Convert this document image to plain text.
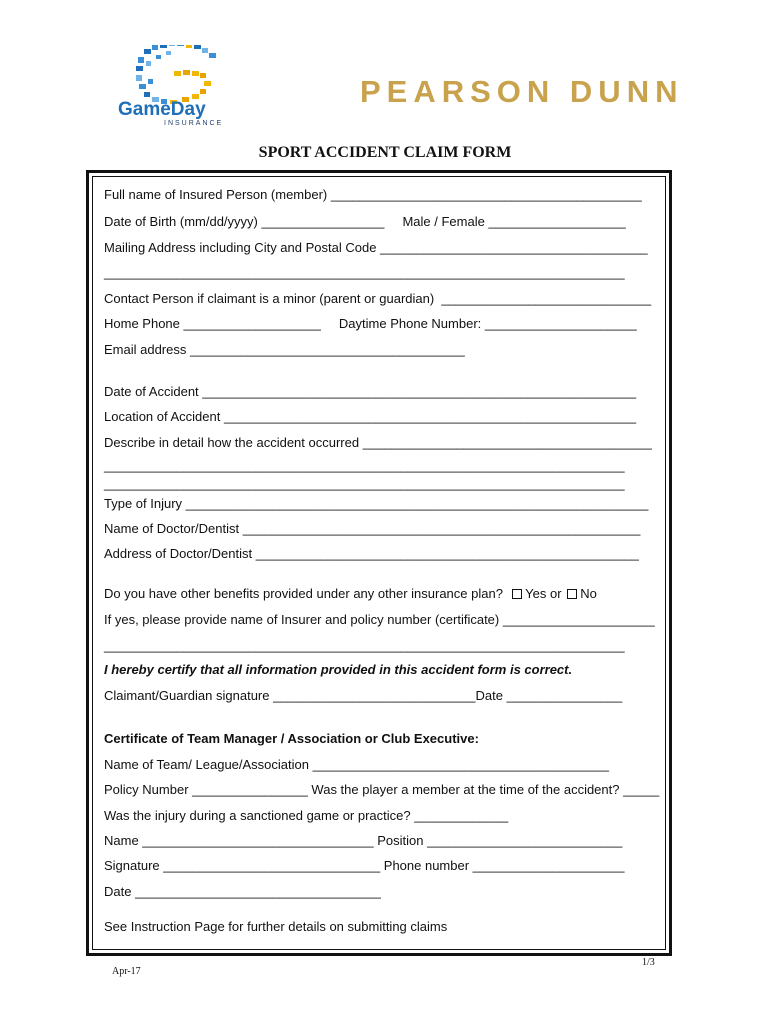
GameDay
INSURANCE
PEARSON DUNN
SPORT ACCIDENT CLAIM FORM
Full name of Insured Person (member) ___________________________________________
Date of Birth (mm/dd/yyyy) _________________     Male / Female ___________________
Mailing Address including City and Postal Code _____________________________________
________________________________________________________________________
Contact Person if claimant is a minor (parent or guardian)  _____________________________
Home Phone ___________________     Daytime Phone Number: _____________________
Email address ______________________________________
Date of Accident ____________________________________________________________
Location of Accident _________________________________________________________
Describe in detail how the accident occurred ________________________________________
________________________________________________________________________
________________________________________________________________________
Type of Injury ________________________________________________________________
Name of Doctor/Dentist _______________________________________________________
Address of Doctor/Dentist _____________________________________________________
Do you have other benefits provided under any other insurance plan? Yes or No
If yes, please provide name of Insurer and policy number (certificate) _____________________
________________________________________________________________________
I hereby certify that all information provided in this accident form is correct.
Claimant/Guardian signature ____________________________Date ________________
Certificate of Team Manager / Association or Club Executive:
Name of Team/ League/Association _________________________________________
Policy Number ________________ Was the player a member at the time of the accident? _____
Was the injury during a sanctioned game or practice? _____________
Name ________________________________ Position ___________________________
Signature ______________________________ Phone number _____________________
Date __________________________________
See Instruction Page for further details on submitting claims
Apr-17
1/3
